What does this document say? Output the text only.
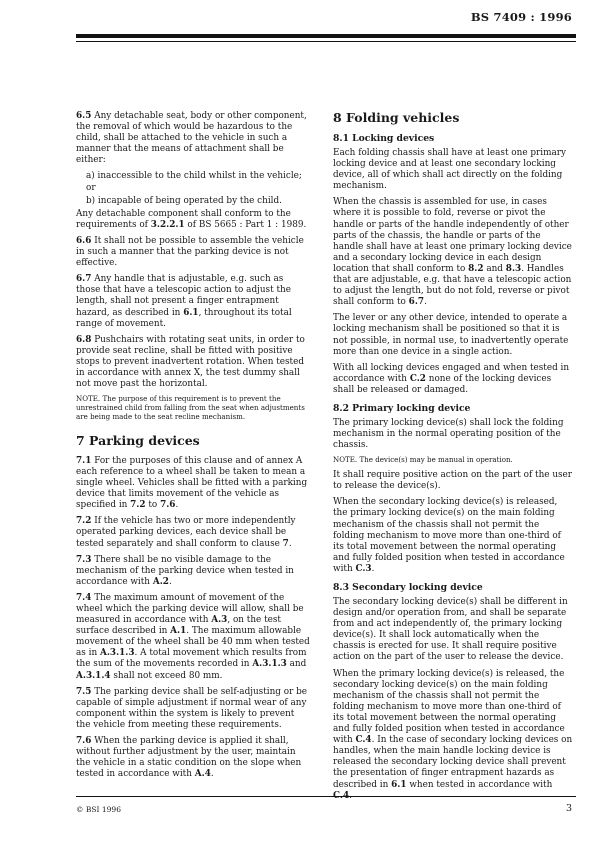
BS 7409 : 1996

6.5 Any detachable seat, body or other component, the removal of which would be hazardous to the child, shall be attached to the vehicle in such a manner that the means of attachment shall be either:

a) inaccessible to the child whilst in the vehicle; or

b) incapable of being operated by the child.

Any detachable component shall conform to the requirements of 3.2.2.1 of BS 5665 : Part 1 : 1989.

6.6 It shall not be possible to assemble the vehicle in such a manner that the parking device is not effective.

6.7 Any handle that is adjustable, e.g. such as those that have a telescopic action to adjust the length, shall not present a finger entrapment hazard, as described in 6.1, throughout its total range of movement.

6.8 Pushchairs with rotating seat units, in order to provide seat recline, shall be fitted with positive stops to prevent inadvertent rotation. When tested in accordance with annex X, the test dummy shall not move past the horizontal.

NOTE. The purpose of this requirement is to prevent the unrestrained child from falling from the seat when adjustments are being made to the seat recline mechanism.

7 Parking devices

7.1 For the purposes of this clause and of annex A each reference to a wheel shall be taken to mean a single wheel. Vehicles shall be fitted with a parking device that limits movement of the vehicle as specified in 7.2 to 7.6.

7.2 If the vehicle has two or more independently operated parking devices, each device shall be tested separately and shall conform to clause 7.

7.3 There shall be no visible damage to the mechanism of the parking device when tested in accordance with A.2.

7.4 The maximum amount of movement of the wheel which the parking device will allow, shall be measured in accordance with A.3, on the test surface described in A.1. The maximum allowable movement of the wheel shall be 40 mm when tested as in A.3.1.3. A total movement which results from the sum of the movements recorded in A.3.1.3 and A.3.1.4 shall not exceed 80 mm.

7.5 The parking device shall be self-adjusting or be capable of simple adjustment if normal wear of any component within the system is likely to prevent the vehicle from meeting these requirements.

7.6 When the parking device is applied it shall, without further adjustment by the user, maintain the vehicle in a static condition on the slope when tested in accordance with A.4.

8 Folding vehicles
8.1 Locking devices

Each folding chassis shall have at least one primary locking device and at least one secondary locking device, all of which shall act directly on the folding mechanism.

When the chassis is assembled for use, in cases where it is possible to fold, reverse or pivot the handle or parts of the handle independently of other parts of the chassis, the handle or parts of the handle shall have at least one primary locking device and a secondary locking device in each design location that shall conform to 8.2 and 8.3. Handles that are adjustable, e.g. that have a telescopic action to adjust the length, but do not fold, reverse or pivot shall conform to 6.7.

The lever or any other device, intended to operate a locking mechanism shall be positioned so that it is not possible, in normal use, to inadvertently operate more than one device in a single action.

With all locking devices engaged and when tested in accordance with C.2 none of the locking devices shall be released or damaged.

8.2 Primary locking device

The primary locking device(s) shall lock the folding mechanism in the normal operating position of the chassis.

NOTE. The device(s) may be manual in operation.

It shall require positive action on the part of the user to release the device(s).

When the secondary locking device(s) is released, the primary locking device(s) on the main folding mechanism of the chassis shall not permit the folding mechanism to move more than one-third of its total movement between the normal operating and fully folded position when tested in accordance with C.3.

8.3 Secondary locking device

The secondary locking device(s) shall be different in design and/or operation from, and shall be separate from and act independently of, the primary locking device(s). It shall lock automatically when the chassis is erected for use. It shall require positive action on the part of the user to release the device.

When the primary locking device(s) is released, the secondary locking device(s) on the main folding mechanism of the chassis shall not permit the folding mechanism to move more than one-third of its total movement between the normal operating and fully folded position when tested in accordance with C.4. In the case of secondary locking devices on handles, when the main handle locking device is released the secondary locking device shall prevent the presentation of finger entrapment hazards as described in 6.1 when tested in accordance with

© BSI 1996	3
